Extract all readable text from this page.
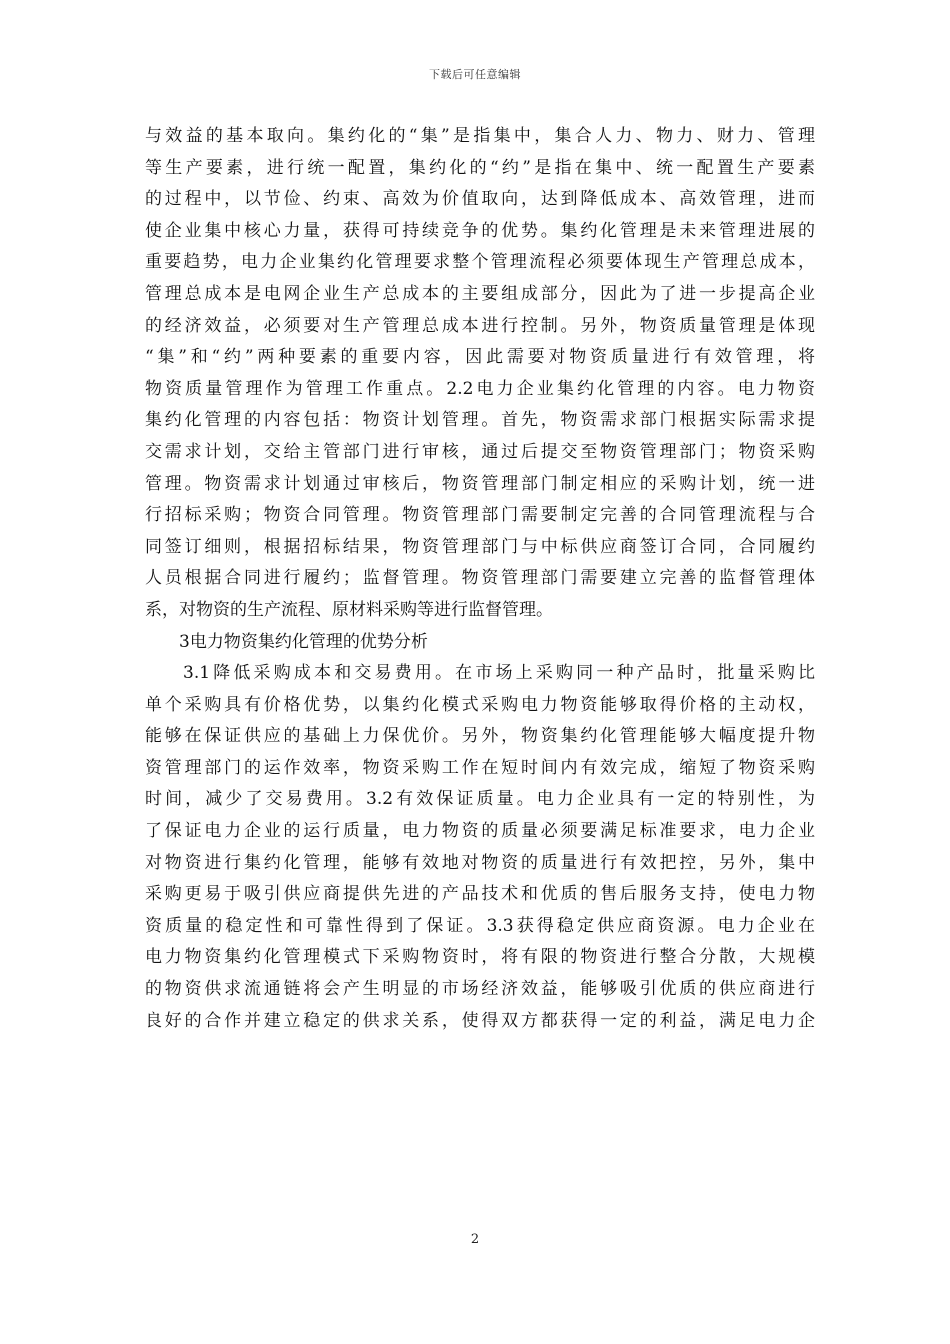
下载后可任意编辑

与效益的基本取向。集约化的“集”是指集中，集合人力、物力、财力、管理

等生产要素，进行统一配置，集约化的“约”是指在集中、统一配置生产要素

的过程中，以节俭、约束、高效为价值取向，达到降低成本、高效管理，进而

使企业集中核心力量，获得可持续竞争的优势。集约化管理是未来管理进展的

重要趋势，电力企业集约化管理要求整个管理流程必须要体现生产管理总成本，

管理总成本是电网企业生产总成本的主要组成部分，因此为了进一步提高企业

的经济效益，必须要对生产管理总成本进行控制。另外，物资质量管理是体现

“集”和“约”两种要素的重要内容，因此需要对物资质量进行有效管理，将

物资质量管理作为管理工作重点。2.2电力企业集约化管理的内容。电力物资

集约化管理的内容包括：物资计划管理。首先，物资需求部门根据实际需求提

交需求计划，交给主管部门进行审核，通过后提交至物资管理部门；物资采购

管理。物资需求计划通过审核后，物资管理部门制定相应的采购计划，统一进

行招标采购；物资合同管理。物资管理部门需要制定完善的合同管理流程与合

同签订细则，根据招标结果，物资管理部门与中标供应商签订合同，合同履约

人员根据合同进行履约；监督管理。物资管理部门需要建立完善的监督管理体

系，对物资的生产流程、原材料采购等进行监督管理。

3电力物资集约化管理的优势分析

3.1降低采购成本和交易费用。在市场上采购同一种产品时，批量采购比

单个采购具有价格优势，以集约化模式采购电力物资能够取得价格的主动权，

能够在保证供应的基础上力保优价。另外，物资集约化管理能够大幅度提升物

资管理部门的运作效率，物资采购工作在短时间内有效完成，缩短了物资采购

时间，减少了交易费用。3.2有效保证质量。电力企业具有一定的特别性，为

了保证电力企业的运行质量，电力物资的质量必须要满足标准要求，电力企业

对物资进行集约化管理，能够有效地对物资的质量进行有效把控，另外，集中

采购更易于吸引供应商提供先进的产品技术和优质的售后服务支持，使电力物

资质量的稳定性和可靠性得到了保证。3.3获得稳定供应商资源。电力企业在

电力物资集约化管理模式下采购物资时，将有限的物资进行整合分散，大规模

的物资供求流通链将会产生明显的市场经济效益，能够吸引优质的供应商进行

良好的合作并建立稳定的供求关系，使得双方都获得一定的利益，满足电力企

2
